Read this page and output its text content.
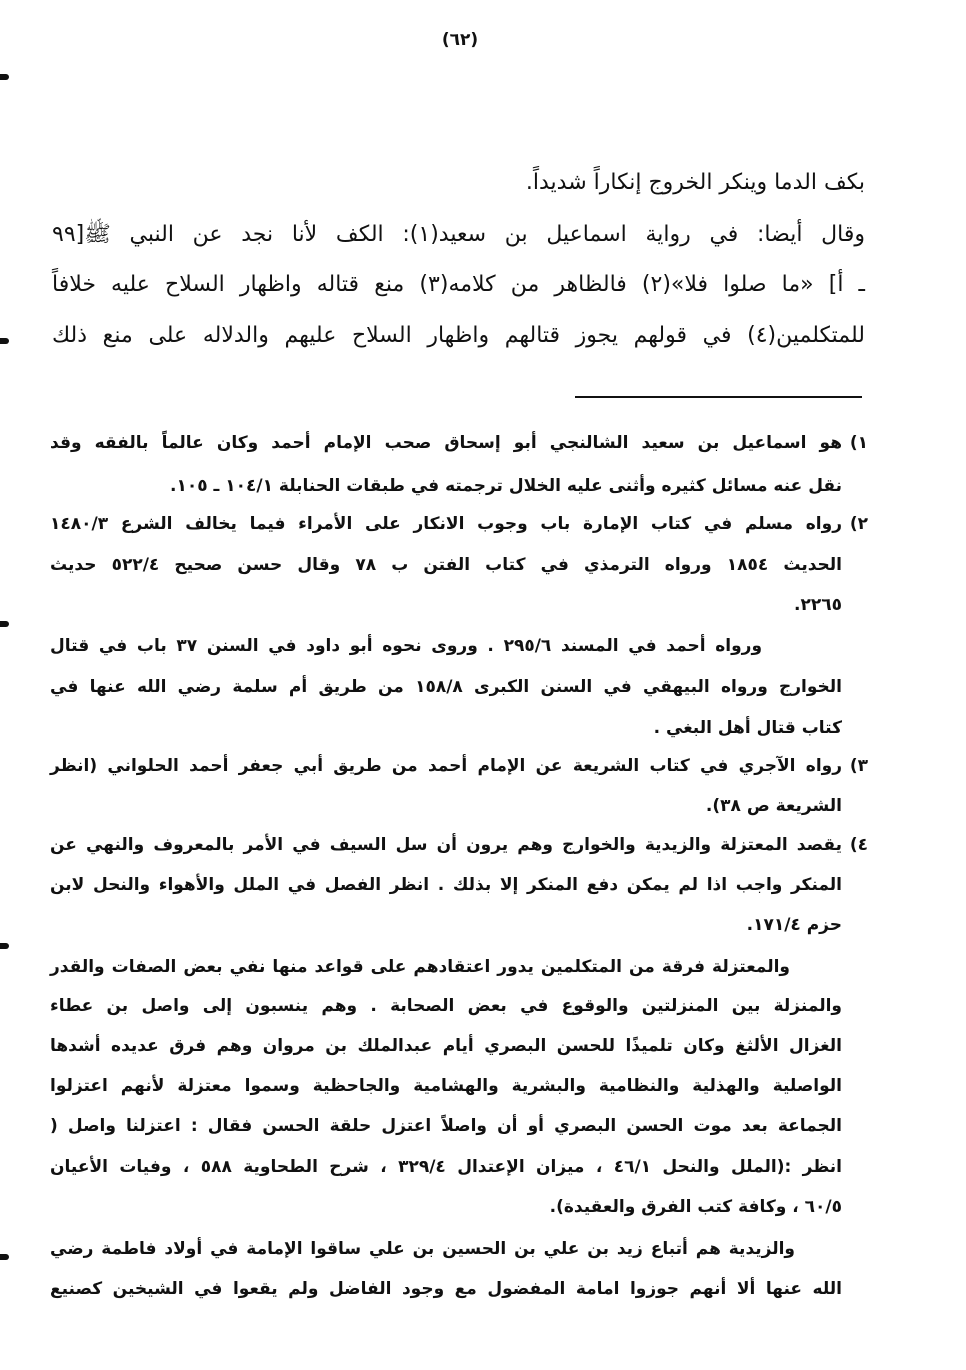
(٦٢)
بكف الدما وينكر الخروج إنكاراً شديداً.
وقال أيضا: في رواية اسماعيل بن سعيد(١): الكف لأنا نجد عن النبي ﷺ[٩٩
ـ أ] «ما صلوا فلا»(٢) فالظاهر من كلامه(٣) منع قتاله واظهار السلاح عليه خلافاً
للمتكلمين(٤) في قولهم يجوز قتالهم واظهار السلاح عليهم والدلاله على منع ذلك
١)
هو اسماعيل بن سعيد الشالنجي أبو إسحاق صحب الإمام أحمد وكان عالماً بالفقه وقد
نقل عنه مسائل كثيره وأثنى عليه الخلال ترجمته في طبقات الحنابلة ١٠٤/١ ـ ١٠٥.
٢)
رواه مسلم في كتاب الإمارة باب وجوب الانكار على الأمراء فيما يخالف الشرع ١٤٨٠/٣
الحديث ١٨٥٤ ورواه الترمذي في كتاب الفتن ب ٧٨ وقال حسن صحيح ٥٢٢/٤ حديث
٢٢٦٥.
ورواه أحمد في المسند ٢٩٥/٦ . وروى نحوه أبو داود في السنن ٣٧ باب في قتال
الخوارج ورواه البيهقي في السنن الكبرى ١٥٨/٨ من طريق أم سلمة رضي الله عنها في
كتاب قتال أهل البغي .
٣)
رواه الآجري في كتاب الشريعة عن الإمام أحمد من طريق أبي جعفر أحمد الحلواني (انظر
الشريعة ص ٣٨).
٤)
يقصد المعتزلة والزيدية والخوارج وهم يرون أن سل السيف في الأمر بالمعروف والنهي عن
المنكر واجب اذا لم يمكن دفع المنكر إلا بذلك . انظر الفصل في الملل والأهواء والنحل لابن
حزم ١٧١/٤.
والمعتزلة فرقة من المتكلمين يدور اعتقادهم على قواعد منها نفي بعض الصفات والقدر
والمنزلة بين المنزلتين والوقوع في بعض الصحابة . وهم ينسبون إلى واصل بن عطاء
الغزال الألثغ وكان تلميذًا للحسن البصري أيام عبدالملك بن مروان وهم فرق عديده أشدها
الواصلية والهذلية والنظامية والبشرية والهشامية والجاحظية وسموا معتزلة لأنهم اعتزلوا
الجماعة بعد موت الحسن البصري أو أن واصلاً اعتزل حلقة الحسن فقال : اعتزلنا واصل (
انظر :(الملل والنحل ٤٦/١ ، ميزان الإعتدال ٣٢٩/٤ ، شرح الطحاوية ٥٨٨ ، وفيات الأعيان
٦٠/٥ ، وكافة كتب الفرق والعقيدة).
والزيدية هم أتباع زيد بن علي بن الحسين بن علي ساقوا الإمامة في أولاد فاطمة رضي
الله عنها ألا أنهم جوزوا امامة المفضول مع وجود الفاضل ولم يقعوا في الشيخين كصنيع
